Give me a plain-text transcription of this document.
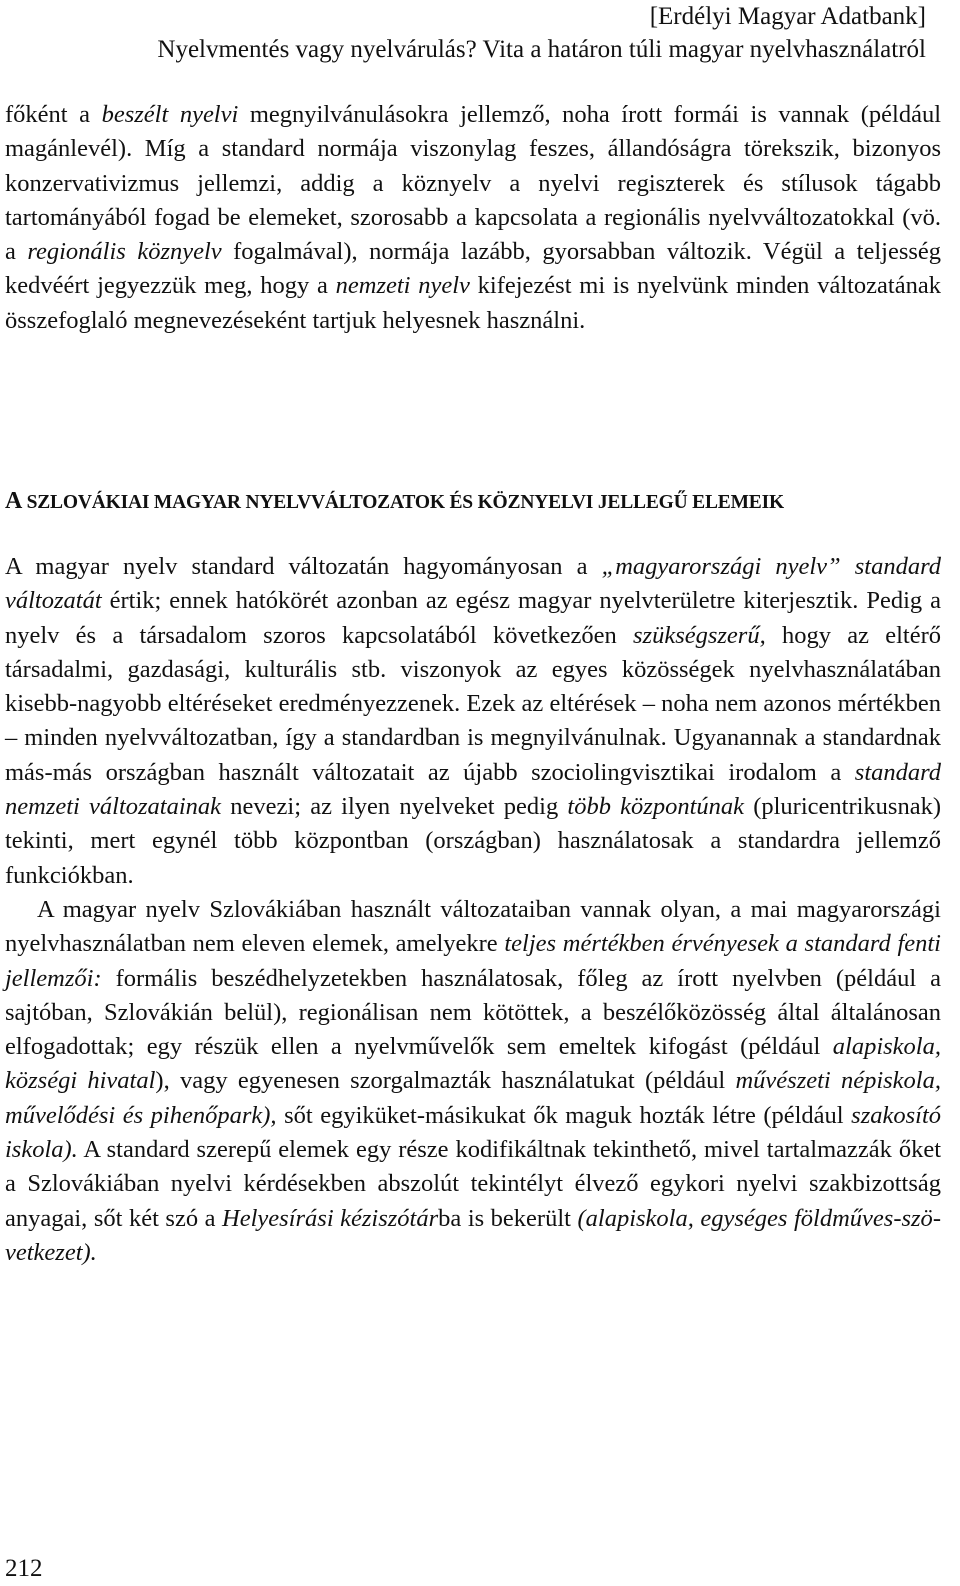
[Erdélyi Magyar Adatbank]
Nyelvmentés vagy nyelvárulás? Vita a határon túli magyar nyelvhasználatról
főként a beszélt nyelvi megnyilvánulásokra jellemző, noha írott formái is vannak (például magánlevél). Míg a standard normája viszonylag feszes, állandóságra törekszik, bizonyos konzervativizmus jellemzi, addig a köznyelv a nyelvi regiszterek és stílusok tágabb tartományából fogad be elemeket, szorosabb a kapcsolata a regionális nyelvváltozatokkal (vö. a regionális köznyelv fogalmával), normája lazább, gyorsabban változik. Végül a teljesség kedvéért jegyezzük meg, hogy a nemzeti nyelv kifejezést mi is nyelvünk minden változatának összefoglaló megnevezéseként tartjuk helyesnek használni.
A SZLOVÁKIAI MAGYAR NYELVVÁLTOZATOK ÉS KÖZNYELVI JELLEGŰ ELEMEIK
A magyar nyelv standard változatán hagyományosan a „magyarországi nyelv” standard változatát értik; ennek hatókörét azonban az egész magyar nyelvterületre kiterjesztik. Pedig a nyelv és a társadalom szoros kapcsolatából következően szükségszerű, hogy az eltérő társadalmi, gazdasági, kulturális stb. viszonyok az egyes közösségek nyelvhasználatában kisebb-nagyobb eltéréseket eredményezzenek. Ezek az eltérések – noha nem azonos mértékben – minden nyelvváltozatban, így a standardban is megnyilvánulnak. Ugyanannak a standardnak más-más országban használt változatait az újabb szociolingvisztikai irodalom a standard nemzeti változatainak nevezi; az ilyen nyelveket pedig több központúnak (pluricentrikusnak) tekinti, mert egynél több központban (országban) használatosak a standardra jellemző funkciókban.
A magyar nyelv Szlovákiában használt változataiban vannak olyan, a mai magyarországi nyelvhasználatban nem eleven elemek, amelyekre teljes mértékben érvényesek a standard fenti jellemzői: formális beszédhelyzetekben használatosak, főleg az írott nyelvben (például a sajtóban, Szlovákián belül), regionálisan nem kötöttek, a beszélőközösség által általánosan elfogadottak; egy részük ellen a nyelvművelők sem emeltek kifogást (például alapiskola, községi hivatal), vagy egyenesen szorgalmazták használatukat (például művészeti népiskola, művelődési és pihenőpark), sőt egyiküket-másikukat ők maguk hozták létre (például szakosító iskola). A standard szerepű elemek egy része kodifikáltnak tekinthető, mivel tartalmazzák őket a Szlovákiában nyelvi kérdésekben abszolút tekintélyt élvező egykori nyelvi szakbizottság anyagai, sőt két szó a Helyesírási kéziszótárba is bekerült (alapiskola, egységes földműves-szövetkezet).
212
